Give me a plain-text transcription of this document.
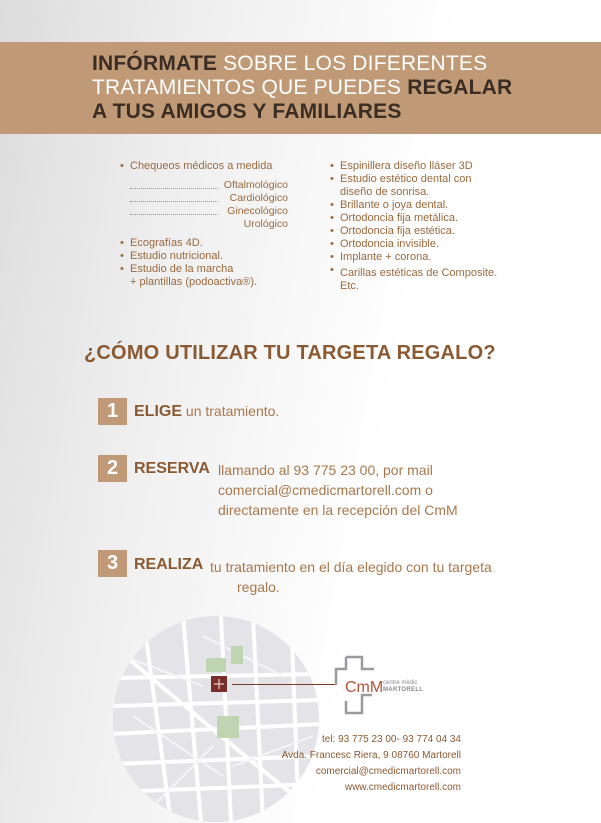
INFÓRMATE SOBRE LOS DIFERENTES
TRATAMIENTOS QUE PUEDES REGALAR
A TUS AMIGOS Y FAMILIARES
• Chequeos médicos a medida
Oftalmológico
Cardiológico
Ginecológico
Urológico
• Ecografías 4D.
• Estudio nutricional.
• Estudio de la marcha
+ plantillas (podoactiva®).
• Espinillera diseño lláser 3D
• Estudio estético dental con
diseño de sonrisa.
• Brillante o joya dental.
• Ortodoncia fija metálica.
• Ortodoncia fija estética.
• Ortodoncia invisible.
• Implante + corona.
• Carillas estéticas de Composite.
Etc.
¿CÓMO UTILIZAR TU TARGETA REGALO?
1 ELIGE un tratamiento.
2 RESERVA llamando al 93 775 23 00, por mail
comercial@cmedicmartorell.com o
directamente en la recepción del CmM
3 REALIZA tu tratamiento en el día elegido con tu targeta
regalo.
CmM centre mèdic
MARTORELL
tel: 93 775 23 00- 93 774 04 34
Avda. Francesc Riera, 9 08760 Martorell
comercial@cmedicmartorell.com
www.cmedicmartorell.com
